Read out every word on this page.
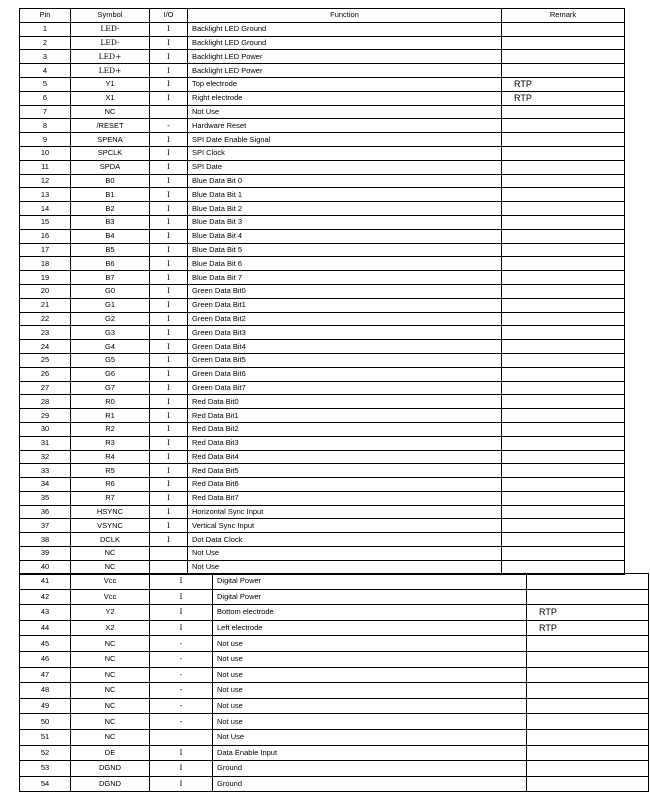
Pin	Symbol	I/O	Function	Remark
1	LED-	I	Backlight LED Ground	
2	LED-	I	Backlight LED Ground	
3	LED+	I	Backlight LED Power	
4	LED+	I	Backlight LED Power	
5	Y1	I	Top electrode	RTP
6	X1	I	Right electrode	RTP
7	NC		Not Use	
8	/RESET	-	Hardware Reset	
9	SPENA	I	SPI Date Enable Signal	
10	SPCLK	I	SPI Clock	
11	SPDA	I	SPI Date	
12	B0	I	Blue Data Bit 0	
13	B1	I	Blue Data Bit 1	
14	B2	I	Blue Data Bit 2	
15	B3	I	Blue Data Bit 3	
16	B4	I	Blue Data Bit 4	
17	B5	I	Blue Data Bit 5	
18	B6	I	Blue Data Bit 6	
19	B7	I	Blue Data Bit 7	
20	G0	I	Green Data Bit0	
21	G1	I	Green Data Bit1	
22	G2	I	Green Data Bit2	
23	G3	I	Green Data Bit3	
24	G4	I	Green Data Bit4	
25	G5	I	Green Data Bit5	
26	G6	I	Green Data Bit6	
27	G7	I	Green Data Bit7	
28	R0	I	Red Data Bit0	
29	R1	I	Red Data Bit1	
30	R2	I	Red Data Bit2	
31	R3	I	Red Data Bit3	
32	R4	I	Red Data Bit4	
33	R5	I	Red Data Bit5	
34	R6	I	Red Data Bit6	
35	R7	I	Red Data Bit7	
36	HSYNC	I	Horizontal Sync Input	
37	VSYNC	I	Vertical Sync Input	
38	DCLK	I	Dot Data Clock	
39	NC		Not Use	
40	NC		Not Use	
41	Vcc	I	Digital Power	
42	Vcc	I	Digital Power	
43	Y2	I	Bottom electrode	RTP
44	X2	I	Left electrode	RTP
45	NC	-	Not use	
46	NC	-	Not use	
47	NC	-	Not use	
48	NC	-	Not use	
49	NC	-	Not use	
50	NC	-	Not use	
51	NC		Not Use	
52	DE	I	Data Enable Input	
53	DGND	I	Ground	
54	DGND	I	Ground	
